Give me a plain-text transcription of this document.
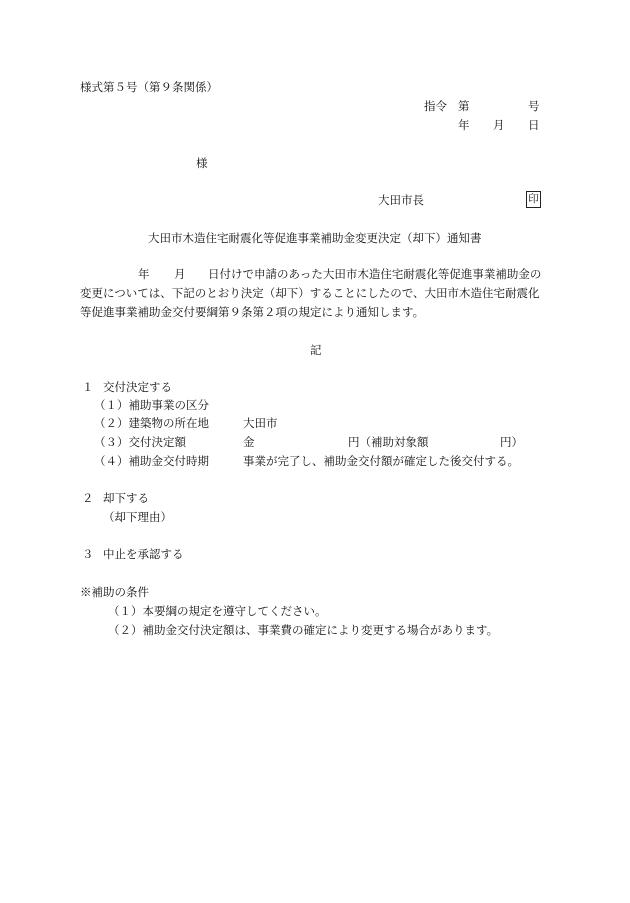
様式第５号（第９条関係）
指令 第	号
年 月 日
様
大田市長	印
大田市木造住宅耐震化等促進事業補助金変更決定（却下）通知書
年 月 日付けで申請のあった大田市木造住宅耐震化等促進事業補助金の
変更については、下記のとおり決定（却下）することにしたので、大田市木造住宅耐震化
等促進事業補助金交付要綱第９条第２項の規定により通知します。
記
１ 交付決定する
（１）補助事業の区分
（２）建築物の所在地	大田市
（３）交付決定額	金	円（補助対象額	円）
（４）補助金交付時期	事業が完了し、補助金交付額が確定した後交付する。
２ 却下する
（却下理由）
３ 中止を承認する
※補助の条件
（１）本要綱の規定を遵守してください。
（２）補助金交付決定額は、事業費の確定により変更する場合があります。
